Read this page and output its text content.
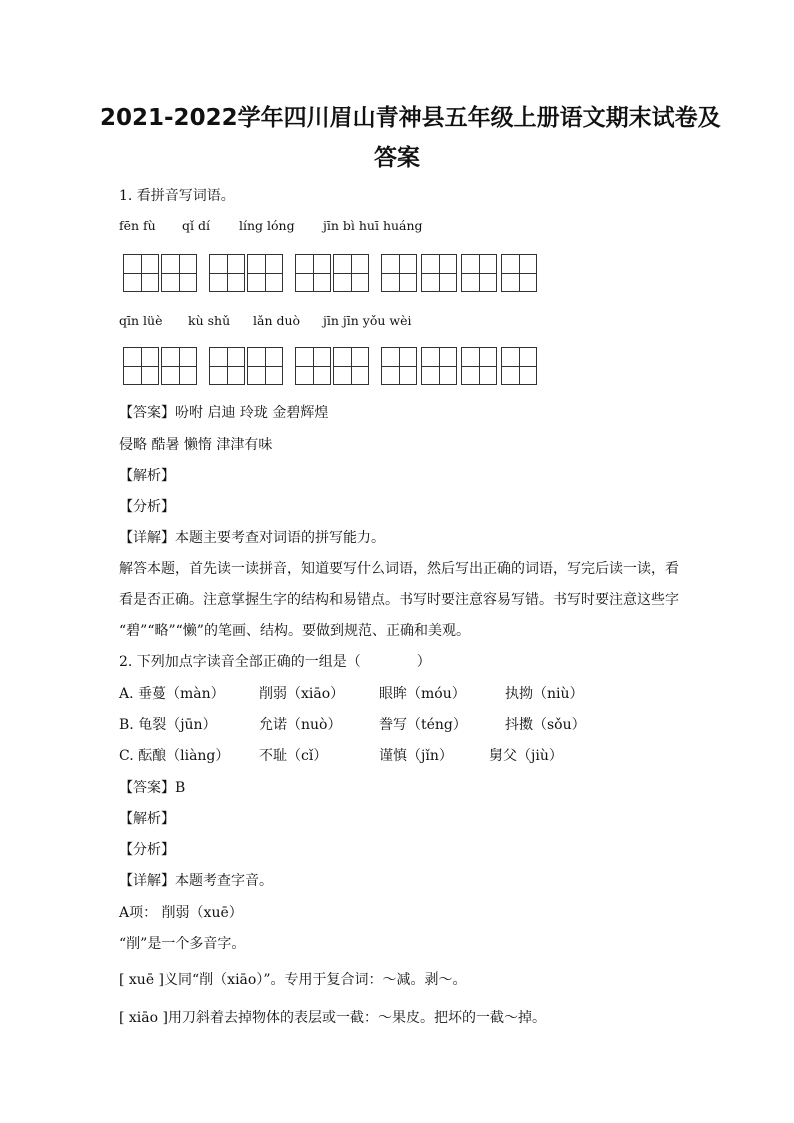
2021-2022学年四川眉山青神县五年级上册语文期末试卷及
答案
1. 看拼音写词语。
fēn fù qǐ dí líng lóng jīn bì huī huáng
qīn lüè kù shǔ lǎn duò jīn jīn yǒu wèi
【答案】吩咐 启迪 玲珑 金碧辉煌
侵略 酷暑 懒惰 津津有味
【解析】
【分析】
【详解】本题主要考查对词语的拼写能力。
解答本题，首先读一读拼音，知道要写什么词语，然后写出正确的词语，写完后读一读，看
看是否正确。注意掌握生字的结构和易错点。书写时要注意容易写错。书写时要注意这些字
“碧”“略”“懒”的笔画、结构。要做到规范、正确和美观。
2. 下列加点字读音全部正确的一组是（　　　　）
A. 垂蔓（màn） 削弱（xiāo） 眼眸（móu）	执拗（niù）
B. 龟裂（jūn）	允诺（nuò）	誊写（téng）	抖擞（sǒu）
C. 酝酿（liàng） 不耻（cǐ）	谨慎（jǐn）	舅父（jiù）
【答案】B
【解析】
【分析】
【详解】本题考查字音。
A项： 削弱（xuē）
“削”是一个多音字。
[ xuē ]义同“削（xiāo）”。专用于复合词：～减。剥～。
[ xiāo ]用刀斜着去掉物体的表层或一截：～果皮。把坏的一截～掉。
